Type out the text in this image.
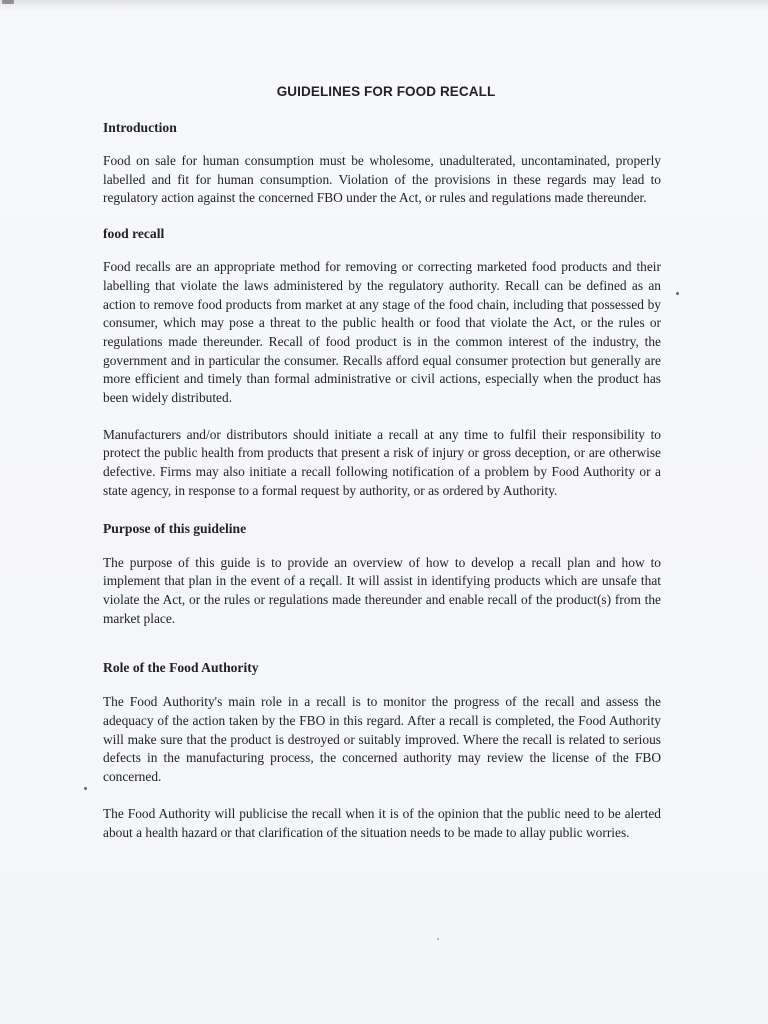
GUIDELINES FOR FOOD RECALL
Introduction

Food on sale for human consumption must be wholesome, unadulterated, uncontaminated, properly labelled and fit for human consumption. Violation of the provisions in these regards may lead to regulatory action against the concerned FBO under the Act, or rules and regulations made thereunder.

food recall

Food recalls are an appropriate method for removing or correcting marketed food products and their labelling that violate the laws administered by the regulatory authority. Recall can be defined as an action to remove food products from market at any stage of the food chain, including that possessed by consumer, which may pose a threat to the public health or food that violate the Act, or the rules or regulations made thereunder. Recall of food product is in the common interest of the industry, the government and in particular the consumer. Recalls afford equal consumer protection but generally are more efficient and timely than formal administrative or civil actions, especially when the product has been widely distributed.

Manufacturers and/or distributors should initiate a recall at any time to fulfil their responsibility to protect the public health from products that present a risk of injury or gross deception, or are otherwise defective. Firms may also initiate a recall following notification of a problem by Food Authority or a state agency, in response to a formal request by authority, or as ordered by Authority.

Purpose of this guideline

The purpose of this guide is to provide an overview of how to develop a recall plan and how to implement that plan in the event of a recall. It will assist in identifying products which are unsafe that violate the Act, or the rules or regulations made thereunder and enable recall of the product(s) from the market place.

Role of the Food Authority

The Food Authority's main role in a recall is to monitor the progress of the recall and assess the adequacy of the action taken by the FBO in this regard. After a recall is completed, the Food Authority will make sure that the product is destroyed or suitably improved. Where the recall is related to serious defects in the manufacturing process, the concerned authority may review the license of the FBO concerned.

The Food Authority will publicise the recall when it is of the opinion that the public need to be alerted about a health hazard or that clarification of the situation needs to be made to allay public worries.
